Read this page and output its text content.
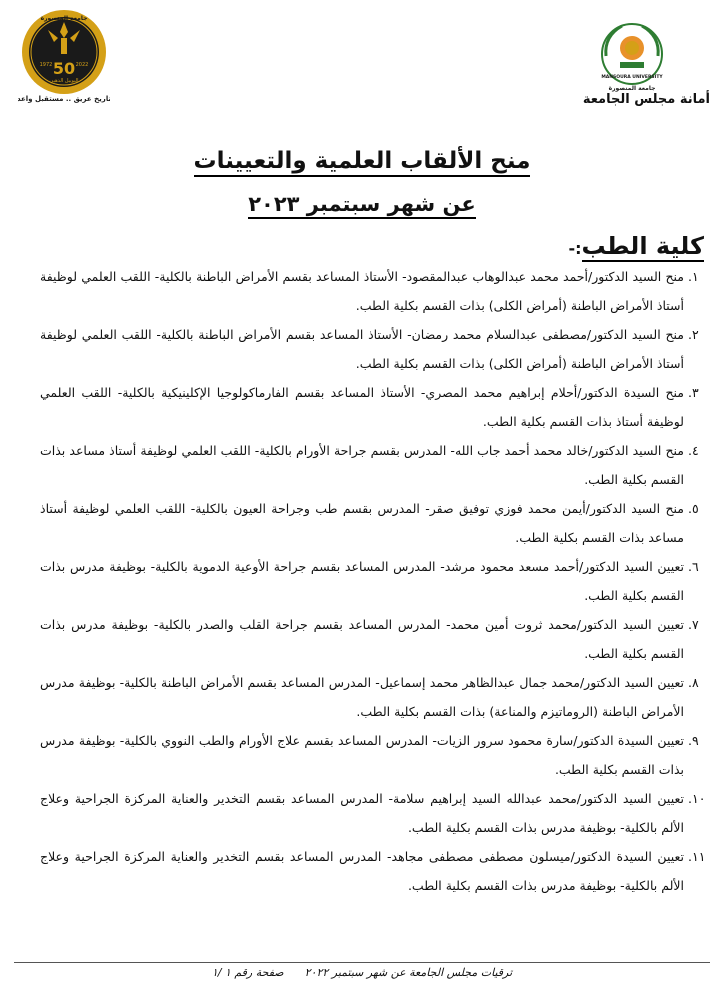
50
1972	2022
اليوبيل الذهبي
جامعة المنصورة
تاريخ عريق .. مستقبل واعد
MANSOURA UNIVERSITY
جامعة المنصورة
أمانة مجلس الجامعة
منح الألقاب العلمية والتعيينات
عن شهر سبتمبر ٢٠٢٣
كلية الطب:-
١.
منح السيد الدكتور/أحمد محمد عبدالوهاب عبدالمقصود- الأستاذ المساعد بقسم الأمراض الباطنة بالكلية- اللقب العلمي لوظيفة أستاذ الأمراض الباطنة (أمراض الكلى) بذات القسم بكلية الطب.
٢.
منح السيد الدكتور/مصطفى عبدالسلام محمد رمضان- الأستاذ المساعد بقسم الأمراض الباطنة بالكلية- اللقب العلمي لوظيفة أستاذ الأمراض الباطنة (أمراض الكلى) بذات القسم بكلية الطب.
٣.
منح السيدة الدكتور/أحلام إبراهيم محمد المصري- الأستاذ المساعد بقسم الفارماكولوجيا الإكلينيكية بالكلية- اللقب العلمي لوظيفة أستاذ بذات القسم بكلية الطب.
٤.
منح السيد الدكتور/خالد محمد أحمد جاب الله- المدرس بقسم جراحة الأورام بالكلية- اللقب العلمي لوظيفة أستاذ مساعد بذات القسم بكلية الطب.
٥.
منح السيد الدكتور/أيمن محمد فوزي توفيق صقر- المدرس بقسم طب وجراحة العيون بالكلية- اللقب العلمي لوظيفة أستاذ مساعد بذات القسم بكلية الطب.
٦.
تعيين السيد الدكتور/أحمد مسعد محمود مرشد- المدرس المساعد بقسم جراحة الأوعية الدموية بالكلية- بوظيفة مدرس بذات القسم بكلية الطب.
٧.
تعيين السيد الدكتور/محمد ثروت أمين محمد- المدرس المساعد بقسم جراحة القلب والصدر بالكلية- بوظيفة مدرس بذات القسم بكلية الطب.
٨.
تعيين السيد الدكتور/محمد جمال عبدالظاهر محمد إسماعيل- المدرس المساعد بقسم الأمراض الباطنة بالكلية- بوظيفة مدرس الأمراض الباطنة (الروماتيزم والمناعة) بذات القسم بكلية الطب.
٩.
تعيين السيدة الدكتور/سارة محمود سرور الزيات- المدرس المساعد بقسم علاج الأورام والطب النووي بالكلية- بوظيفة مدرس بذات القسم بكلية الطب.
١٠.
تعيين السيد الدكتور/محمد عبدالله السيد إبراهيم سلامة- المدرس المساعد بقسم التخدير والعناية المركزة الجراحية وعلاج الألم بالكلية- بوظيفة مدرس بذات القسم بكلية الطب.
١١.
تعيين السيدة الدكتور/ميسلون مصطفى مصطفى مجاهد- المدرس المساعد بقسم التخدير والعناية المركزة الجراحية وعلاج الألم بالكلية- بوظيفة مدرس بذات القسم بكلية الطب.
ترقيات مجلس الجامعة عن شهر سبتمبر ٢٠٢٢      صفحة رقم ١ /١
